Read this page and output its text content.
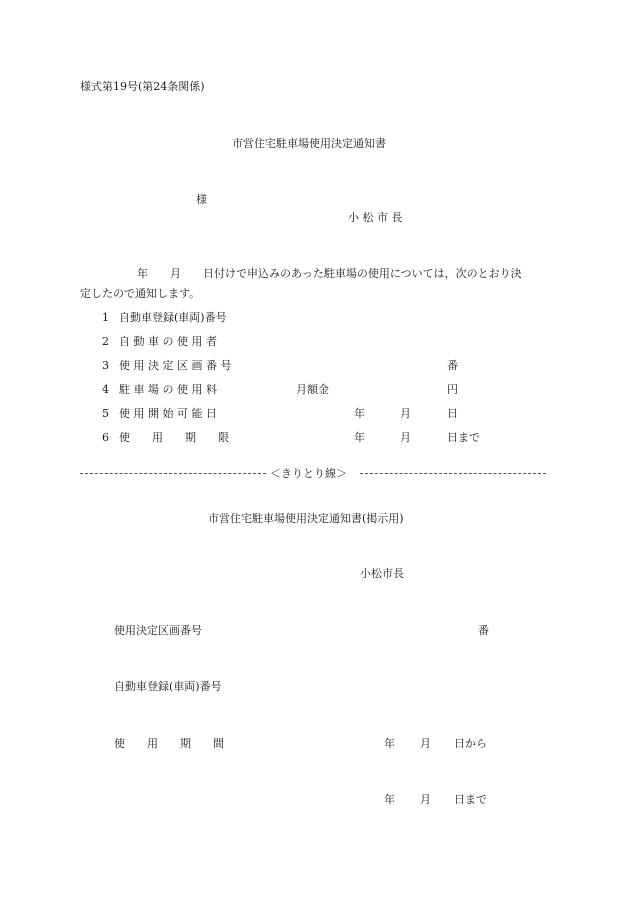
様式第19号(第24条関係)
市営住宅駐車場使用決定通知書
様
小 松 市 長
年　　月　　日付けで申込みのあった駐車場の使用については，次のとおり決
定したので通知します。
1 自動車登録(車両)番号
2 自 動 車 の 使 用 者
3 使 用 決 定 区 画 番 号	番
4 駐 車 場 の 使 用 料	月額金	円
5 使 用 開 始 可 能 日	年	月	日
6 使　　用　　期　　限	年	月	日まで
＜きりとり線＞
市営住宅駐車場使用決定通知書(掲示用)
小松市長
使用決定区画番号	番
自動車登録(車両)番号
使　　用　　期　　間	年 月 日から
年 月 日まで
